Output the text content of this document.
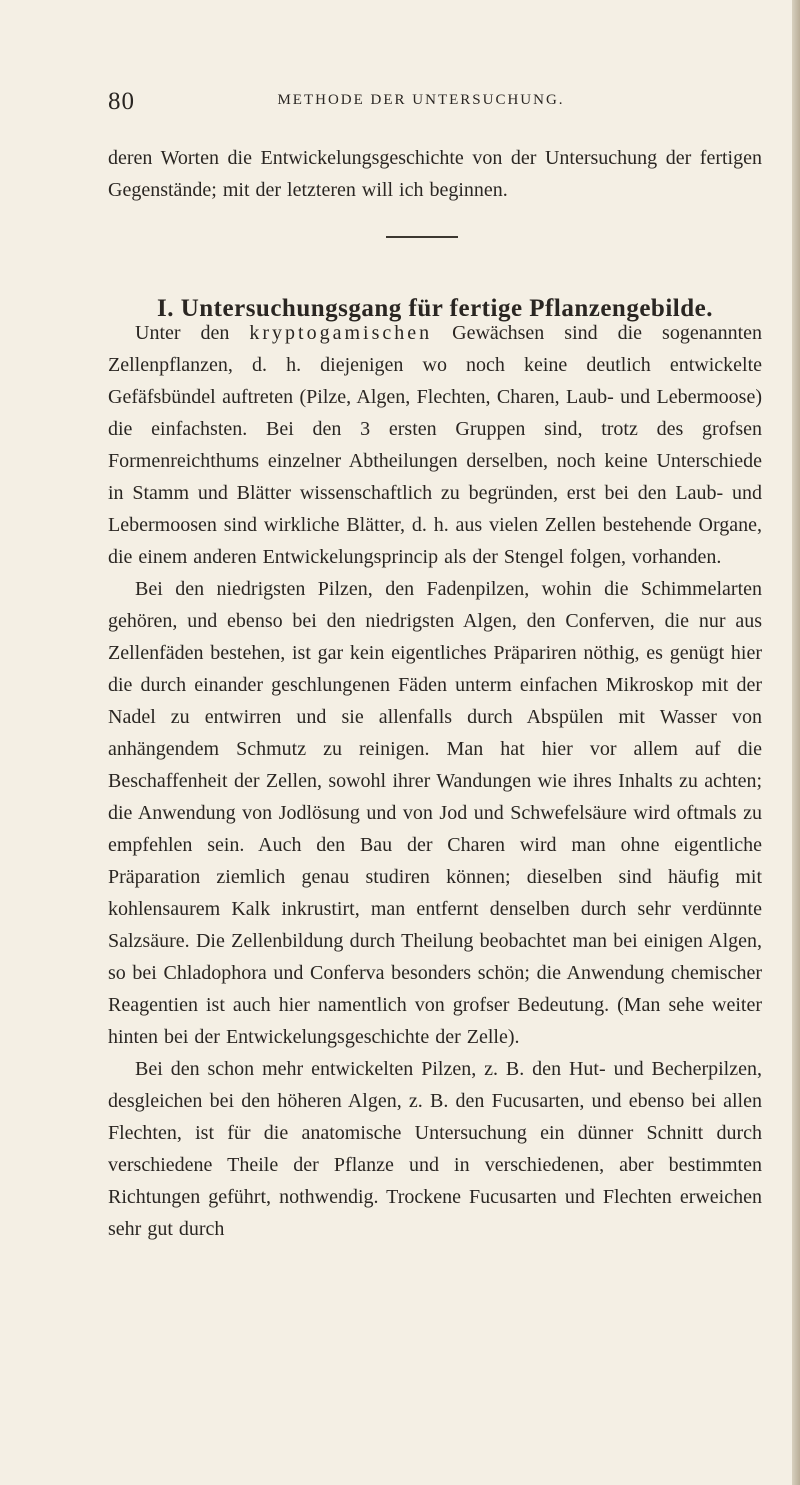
80	METHODE DER UNTERSUCHUNG.

deren Worten die Entwickelungsgeschichte von der Untersuchung der fertigen Gegenstände; mit der letzteren will ich beginnen.

I. Untersuchungsgang für fertige Pflanzengebilde.

Unter den kryptogamischen Gewächsen sind die sogenannten Zellenpflanzen, d. h. diejenigen wo noch keine deutlich entwickelte Gefäfsbündel auftreten (Pilze, Algen, Flechten, Charen, Laub- und Lebermoose) die einfachsten. Bei den 3 ersten Gruppen sind, trotz des grofsen Formenreichthums einzelner Abtheilungen derselben, noch keine Unterschiede in Stamm und Blätter wissenschaftlich zu begründen, erst bei den Laub- und Lebermoosen sind wirkliche Blätter, d. h. aus vielen Zellen bestehende Organe, die einem anderen Entwickelungsprincip als der Stengel folgen, vorhanden.

Bei den niedrigsten Pilzen, den Fadenpilzen, wohin die Schimmelarten gehören, und ebenso bei den niedrigsten Algen, den Conferven, die nur aus Zellenfäden bestehen, ist gar kein eigentliches Präpariren nöthig, es genügt hier die durch einander geschlungenen Fäden unterm einfachen Mikroskop mit der Nadel zu entwirren und sie allenfalls durch Abspülen mit Wasser von anhängendem Schmutz zu reinigen. Man hat hier vor allem auf die Beschaffenheit der Zellen, sowohl ihrer Wandungen wie ihres Inhalts zu achten; die Anwendung von Jodlösung und von Jod und Schwefelsäure wird oftmals zu empfehlen sein. Auch den Bau der Charen wird man ohne eigentliche Präparation ziemlich genau studiren können; dieselben sind häufig mit kohlensaurem Kalk inkrustirt, man entfernt denselben durch sehr verdünnte Salzsäure. Die Zellenbildung durch Theilung beobachtet man bei einigen Algen, so bei Chladophora und Conferva besonders schön; die Anwendung chemischer Reagentien ist auch hier namentlich von grofser Bedeutung. (Man sehe weiter hinten bei der Entwickelungsgeschichte der Zelle).

Bei den schon mehr entwickelten Pilzen, z. B. den Hut- und Becherpilzen, desgleichen bei den höheren Algen, z. B. den Fucusarten, und ebenso bei allen Flechten, ist für die anatomische Untersuchung ein dünner Schnitt durch verschiedene Theile der Pflanze und in verschiedenen, aber bestimmten Richtungen geführt, nothwendig. Trockene Fucusarten und Flechten erweichen sehr gut durch
